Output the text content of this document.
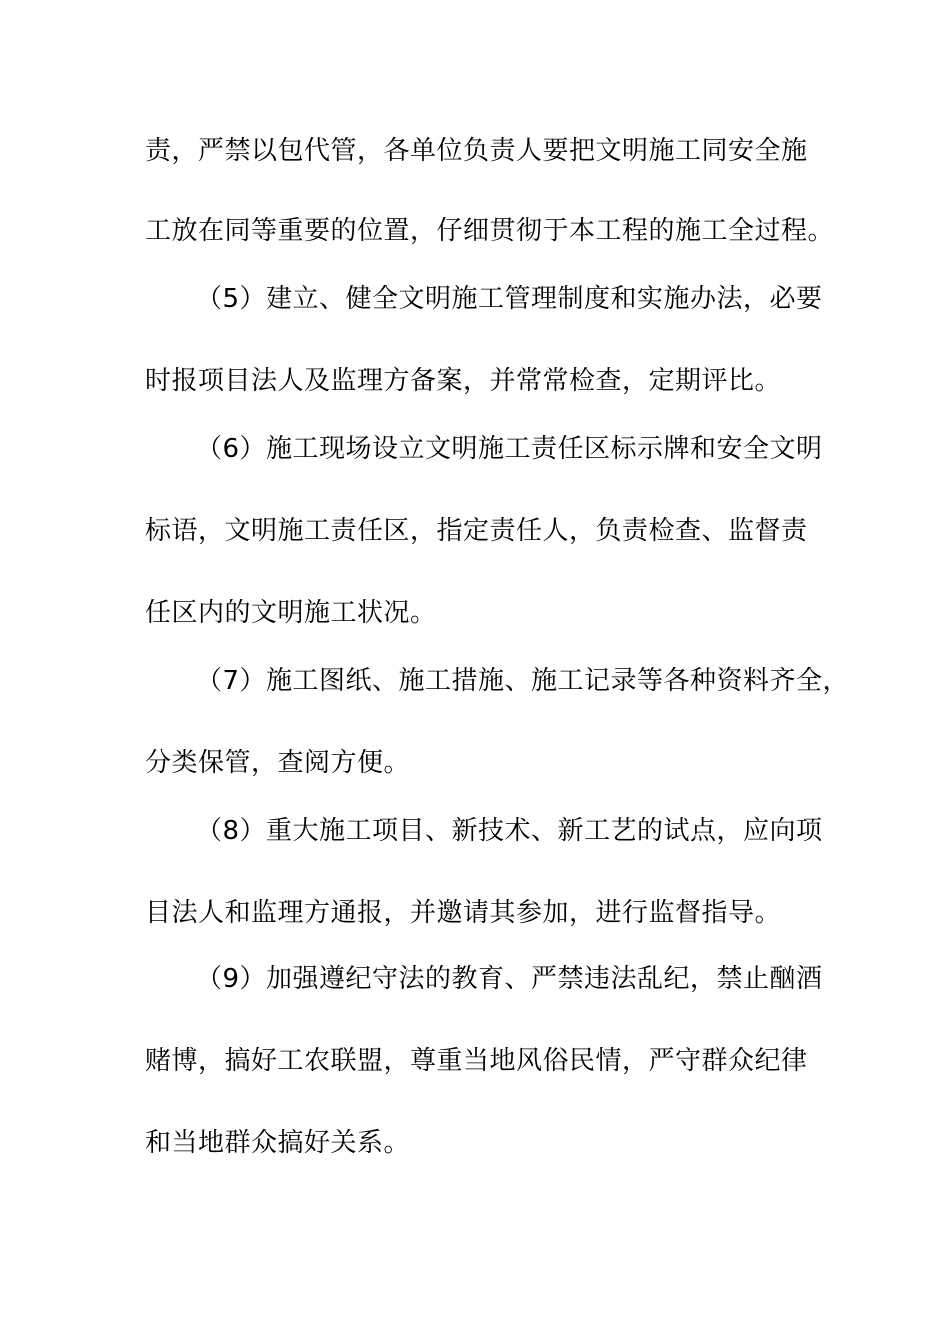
责，严禁以包代管，各单位负责人要把文明施工同安全施
工放在同等重要的位置，仔细贯彻于本工程的施工全过程。
（5）建立、健全文明施工管理制度和实施办法，必要
时报项目法人及监理方备案，并常常检查，定期评比。
（6）施工现场设立文明施工责任区标示牌和安全文明
标语，文明施工责任区，指定责任人，负责检查、监督责
任区内的文明施工状况。
（7）施工图纸、施工措施、施工记录等各种资料齐全，
分类保管，查阅方便。
（8）重大施工项目、新技术、新工艺的试点，应向项
目法人和监理方通报，并邀请其参加，进行监督指导。
（9）加强遵纪守法的教育、严禁违法乱纪，禁止酗酒
赌博，搞好工农联盟，尊重当地风俗民情，严守群众纪律
和当地群众搞好关系。
